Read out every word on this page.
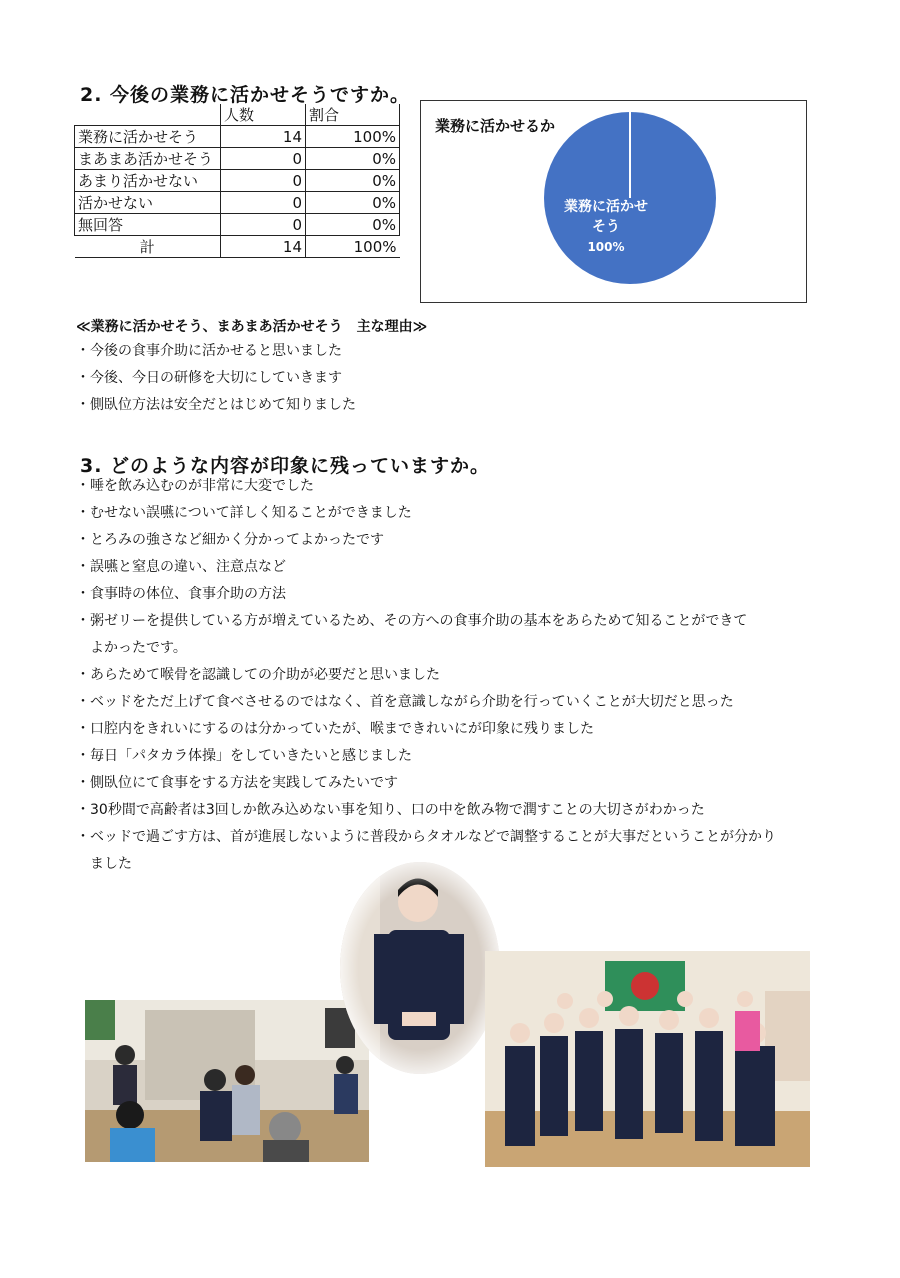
2. 今後の業務に活かせそうですか。
	人数	割合
業務に活かせそう	14	100%
まあまあ活かせそう	0	0%
あまり活かせない	0	0%
活かせない	0	0%
無回答	0	0%
計	14	100%
業務に活かせるか
業務に活かせ
そう
100%
≪業務に活かせそう、まあまあ活かせそう　主な理由≫
・今後の食事介助に活かせると思いました
・今後、今日の研修を大切にしていきます
・側臥位方法は安全だとはじめて知りました
3. どのような内容が印象に残っていますか。
・唾を飲み込むのが非常に大変でした
・むせない誤嚥について詳しく知ることができました
・とろみの強さなど細かく分かってよかったです
・誤嚥と窒息の違い、注意点など
・食事時の体位、食事介助の方法
・粥ゼリーを提供している方が増えているため、その方への食事介助の基本をあらためて知ることができて
　よかったです。
・あらためて喉骨を認識しての介助が必要だと思いました
・ベッドをただ上げて食べさせるのではなく、首を意識しながら介助を行っていくことが大切だと思った
・口腔内をきれいにするのは分かっていたが、喉まできれいにが印象に残りました
・毎日「パタカラ体操」をしていきたいと感じました
・側臥位にて食事をする方法を実践してみたいです
・30秒間で高齢者は3回しか飲み込めない事を知り、口の中を飲み物で潤すことの大切さがわかった
・ベッドで過ごす方は、首が進展しないように普段からタオルなどで調整することが大事だということが分かり
　ました
